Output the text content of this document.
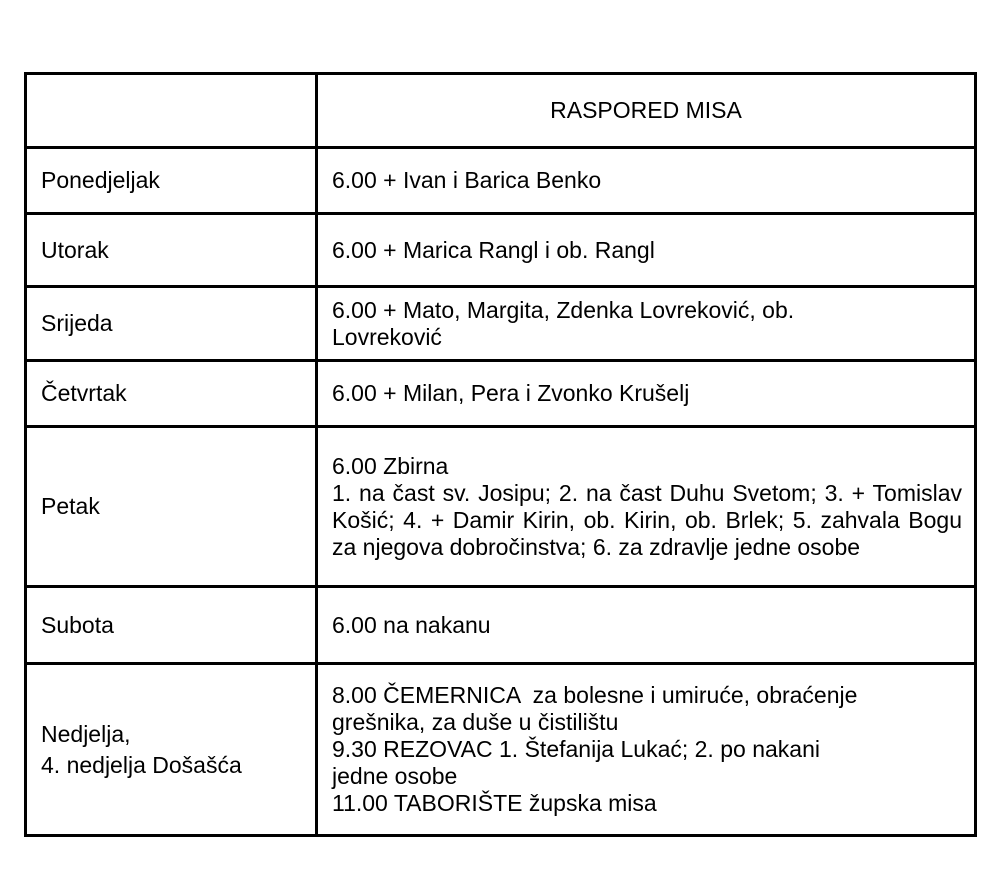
	RASPORED MISA
Ponedjeljak	6.00 + Ivan i Barica Benko

Utorak	6.00 + Marica Rangl i ob. Rangl

Srijeda	6.00 + Mato, Margita, Zdenka Lovreković, ob.
Lovreković

Četvrtak	6.00 + Milan, Pera i Zvonko Krušelj

Petak	6.00 Zbirna
1. na čast sv. Josipu; 2. na čast Duhu Svetom; 3. + Tomislav Košić; 4. + Damir Kirin, ob. Kirin, ob. Brlek; 5. zahvala Bogu za njegova dobročinstva; 6. za zdravlje jedne osobe

Subota	6.00 na nakanu

Nedjelja,
4. nedjelja Došašća	8.00 ČEMERNICA  za bolesne i umiruće, obraćenje
grešnika, za duše u čistilištu
9.30 REZOVAC 1. Štefanija Lukać; 2. po nakani
jedne osobe
11.00 TABORIŠTE župska misa
